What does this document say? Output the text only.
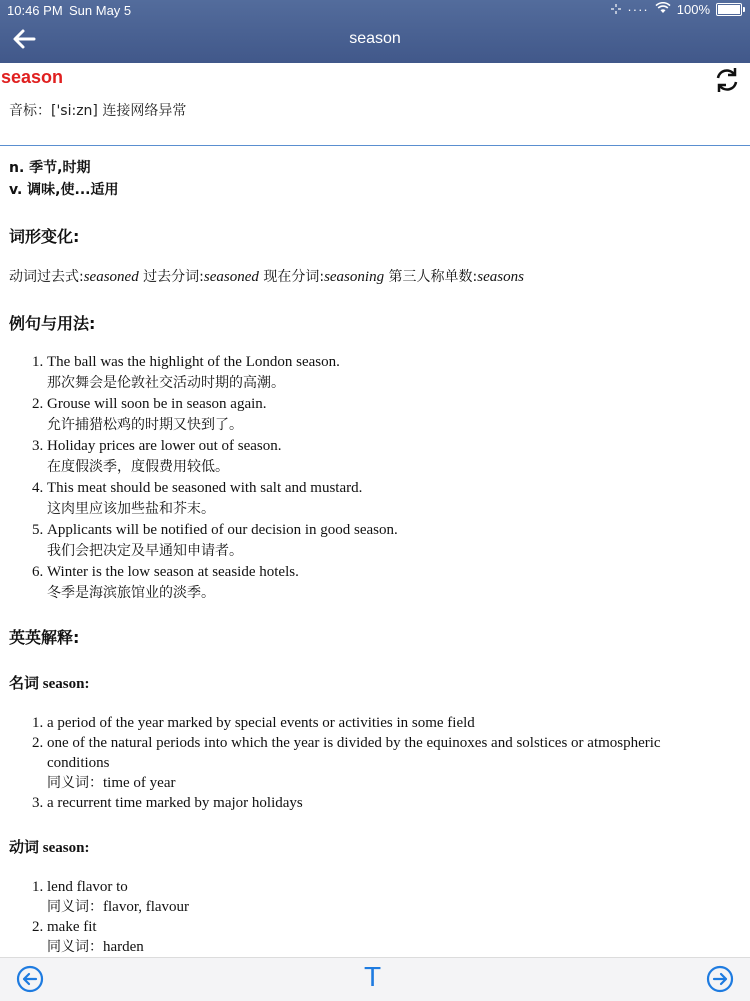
10:46 PM Sun May 5	···· 100%
season
season
音标：['si:zn] 连接网络异常
n. 季节,时期
v. 调味,使...适用
词形变化:
动词过去式:seasoned 过去分词:seasoned 现在分词:seasoning 第三人称单数:seasons
例句与用法:
1. The ball was the highlight of the London season.
那次舞会是伦敦社交活动时期的高潮。
2. Grouse will soon be in season again.
允许捕猎松鸡的时期又快到了。
3. Holiday prices are lower out of season.
在度假淡季，度假费用较低。
4. This meat should be seasoned with salt and mustard.
这肉里应该加些盐和芥末。
5. Applicants will be notified of our decision in good season.
我们会把决定及早通知申请者。
6. Winter is the low season at seaside hotels.
冬季是海滨旅馆业的淡季。
英英解释:
名词 season:
1. a period of the year marked by special events or activities in some field
2. one of the natural periods into which the year is divided by the equinoxes and solstices or atmospheric conditions
同义词：time of year
3. a recurrent time marked by major holidays
动词 season:
1. lend flavor to
同义词：flavor, flavour
2. make fit
同义词：harden
T
